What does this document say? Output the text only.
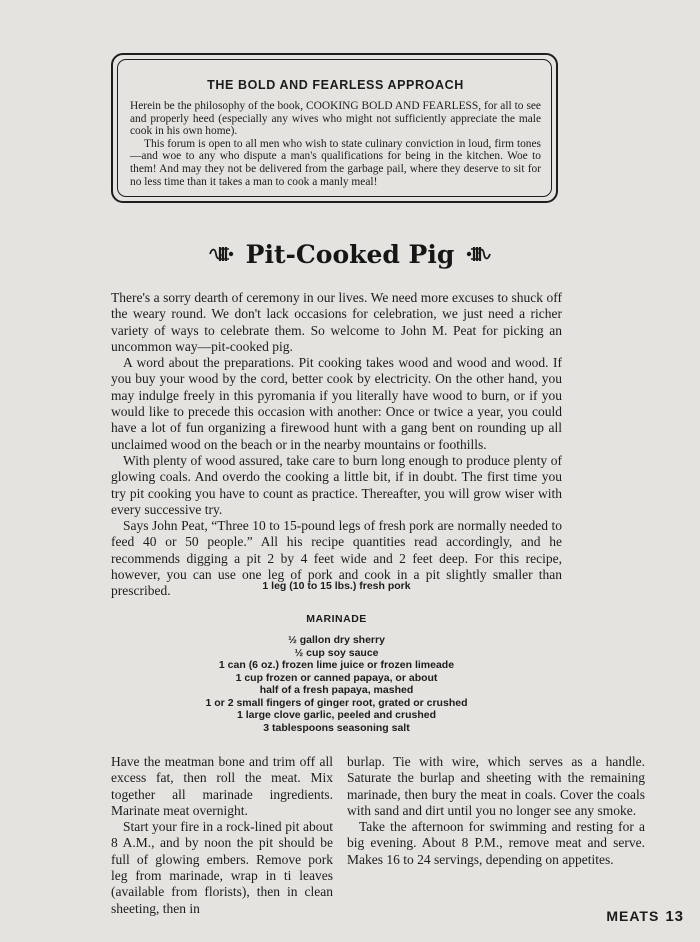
THE BOLD AND FEARLESS APPROACH

Herein be the philosophy of the book, COOKING BOLD AND FEARLESS, for all to see and properly heed (especially any wives who might not sufficiently appreciate the male cook in his own home).

This forum is open to all men who wish to state culinary conviction in loud, firm tones—and woe to any who dispute a man's qualifications for being in the kitchen. Woe to them! And may they not be delivered from the garbage pail, where they deserve to sit for no less time than it takes a man to cook a manly meal!

Pit-Cooked Pig

There's a sorry dearth of ceremony in our lives. We need more excuses to shuck off the weary round. We don't lack occasions for celebration, we just need a richer variety of ways to celebrate them. So welcome to John M. Peat for picking an uncommon way—pit-cooked pig.

A word about the preparations. Pit cooking takes wood and wood and wood. If you buy your wood by the cord, better cook by electricity. On the other hand, you may indulge freely in this pyromania if you literally have wood to burn, or if you would like to precede this occasion with another: Once or twice a year, you could have a lot of fun organizing a firewood hunt with a gang bent on rounding up all unclaimed wood on the beach or in the nearby mountains or foothills.

With plenty of wood assured, take care to burn long enough to produce plenty of glowing coals. And overdo the cooking a little bit, if in doubt. The first time you try pit cooking you have to count as practice. Thereafter, you will grow wiser with every successive try.

Says John Peat, “Three 10 to 15-pound legs of fresh pork are normally needed to feed 40 or 50 people.” All his recipe quantities read accordingly, and he recommends digging a pit 2 by 4 feet wide and 2 feet deep. For this recipe, however, you can use one leg of pork and cook in a pit slightly smaller than prescribed.	1 leg (10 to 15 lbs.) fresh pork

MARINADE

½ gallon dry sherry

½ cup soy sauce

1 can (6 oz.) frozen lime juice or frozen limeade

1 cup frozen or canned papaya, or about

half of a fresh papaya, mashed

1 or 2 small fingers of ginger root, grated or crushed

1 large clove garlic, peeled and crushed

3 tablespoons seasoning salt

Have the meatman bone and trim off all excess fat, then roll the meat. Mix together all marinade ingredients. Marinate meat overnight.

Start your fire in a rock-lined pit about 8 A.M., and by noon the pit should be full of glowing embers. Remove pork leg from marinade, wrap in ti leaves (available from florists), then in clean sheeting, then in

burlap. Tie with wire, which serves as a handle. Saturate the burlap and sheeting with the remaining marinade, then bury the meat in coals. Cover the coals with sand and dirt until you no longer see any smoke.

Take the afternoon for swimming and resting for a big evening. About 8 P.M., remove meat and serve. Makes 16 to 24 servings, depending on appetites.

MEATS 13
